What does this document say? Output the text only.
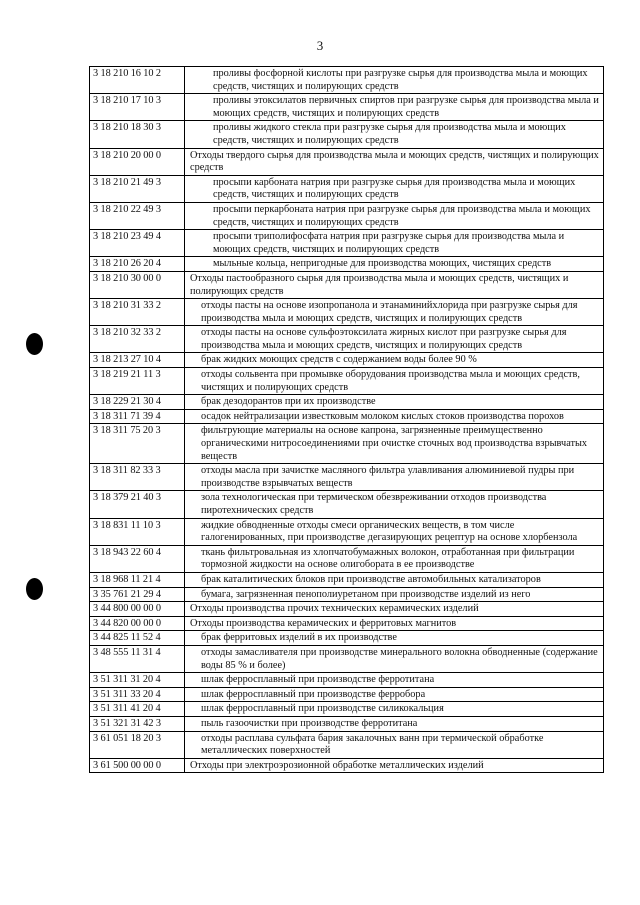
3
3 18 210 16 10 2	проливы фосфорной кислоты при разгрузке сырья для производства мыла и моющих средств, чистящих и полирующих средств
3 18 210 17 10 3	проливы этоксилатов первичных спиртов при разгрузке сырья для производства мыла и моющих средств, чистящих и полирующих средств
3 18 210 18 30 3	проливы жидкого стекла при разгрузке сырья для производства мыла и моющих средств, чистящих и полирующих средств
3 18 210 20 00 0	Отходы твердого сырья для производства мыла и моющих средств, чистящих и полирующих средств
3 18 210 21 49 3	просыпи карбоната натрия при разгрузке сырья для производства мыла и моющих средств, чистящих и полирующих средств
3 18 210 22 49 3	просыпи перкарбоната натрия при разгрузке сырья для производства мыла и моющих средств, чистящих и полирующих средств
3 18 210 23 49 4	просыпи триполифосфата натрия при разгрузке сырья для производства мыла и моющих средств, чистящих и полирующих средств
3 18 210 26 20 4	мыльные кольца, непригодные для производства моющих, чистящих средств
3 18 210 30 00 0	Отходы пастообразного сырья для производства мыла и моющих средств, чистящих и полирующих средств
3 18 210 31 33 2	отходы пасты на основе изопропанола и этанаминийхлорида при разгрузке сырья для производства мыла и моющих средств, чистящих и полирующих средств
3 18 210 32 33 2	отходы пасты на основе сульфоэтоксилата жирных кислот при разгрузке сырья для производства мыла и моющих средств, чистящих и полирующих средств
3 18 213 27 10 4	брак жидких моющих средств с содержанием воды более 90 %
3 18 219 21 11 3	отходы сольвента при промывке оборудования производства мыла и моющих средств, чистящих и полирующих средств
3 18 229 21 30 4	брак дезодорантов при их производстве
3 18 311 71 39 4	осадок нейтрализации известковым молоком кислых стоков производства порохов
3 18 311 75 20 3	фильтрующие материалы на основе капрона, загрязненные преимущественно органическими нитросоединениями при очистке сточных вод производства взрывчатых веществ
3 18 311 82 33 3	отходы масла при зачистке масляного фильтра улавливания алюминиевой пудры при производстве взрывчатых веществ
3 18 379 21 40 3	зола технологическая при термическом обезвреживании отходов производства пиротехнических средств
3 18 831 11 10 3	жидкие обводненные отходы смеси органических веществ, в том числе галогенированных, при производстве дегазирующих рецептур на основе хлорбензола
3 18 943 22 60 4	ткань фильтровальная из хлопчатобумажных волокон, отработанная при фильтрации тормозной жидкости на основе олигобората в ее производстве
3 18 968 11 21 4	брак каталитических блоков при производстве автомобильных катализаторов
3 35 761 21 29 4	бумага, загрязненная пенополиуретаном при производстве изделий из него
3 44 800 00 00 0	Отходы производства прочих технических керамических изделий
3 44 820 00 00 0	Отходы производства керамических и ферритовых магнитов
3 44 825 11 52 4	брак ферритовых изделий в их производстве
3 48 555 11 31 4	отходы замасливателя при производстве минерального волокна обводненные (содержание воды 85 % и более)
3 51 311 31 20 4	шлак ферросплавный при производстве ферротитана
3 51 311 33 20 4	шлак ферросплавный при производстве ферробора
3 51 311 41 20 4	шлак ферросплавный при производстве силикокальция
3 51 321 31 42 3	пыль газоочистки при производстве ферротитана
3 61 051 18 20 3	отходы расплава сульфата бария закалочных ванн при термической обработке металлических поверхностей
3 61 500 00 00 0	Отходы при электроэрозионной обработке металлических изделий
